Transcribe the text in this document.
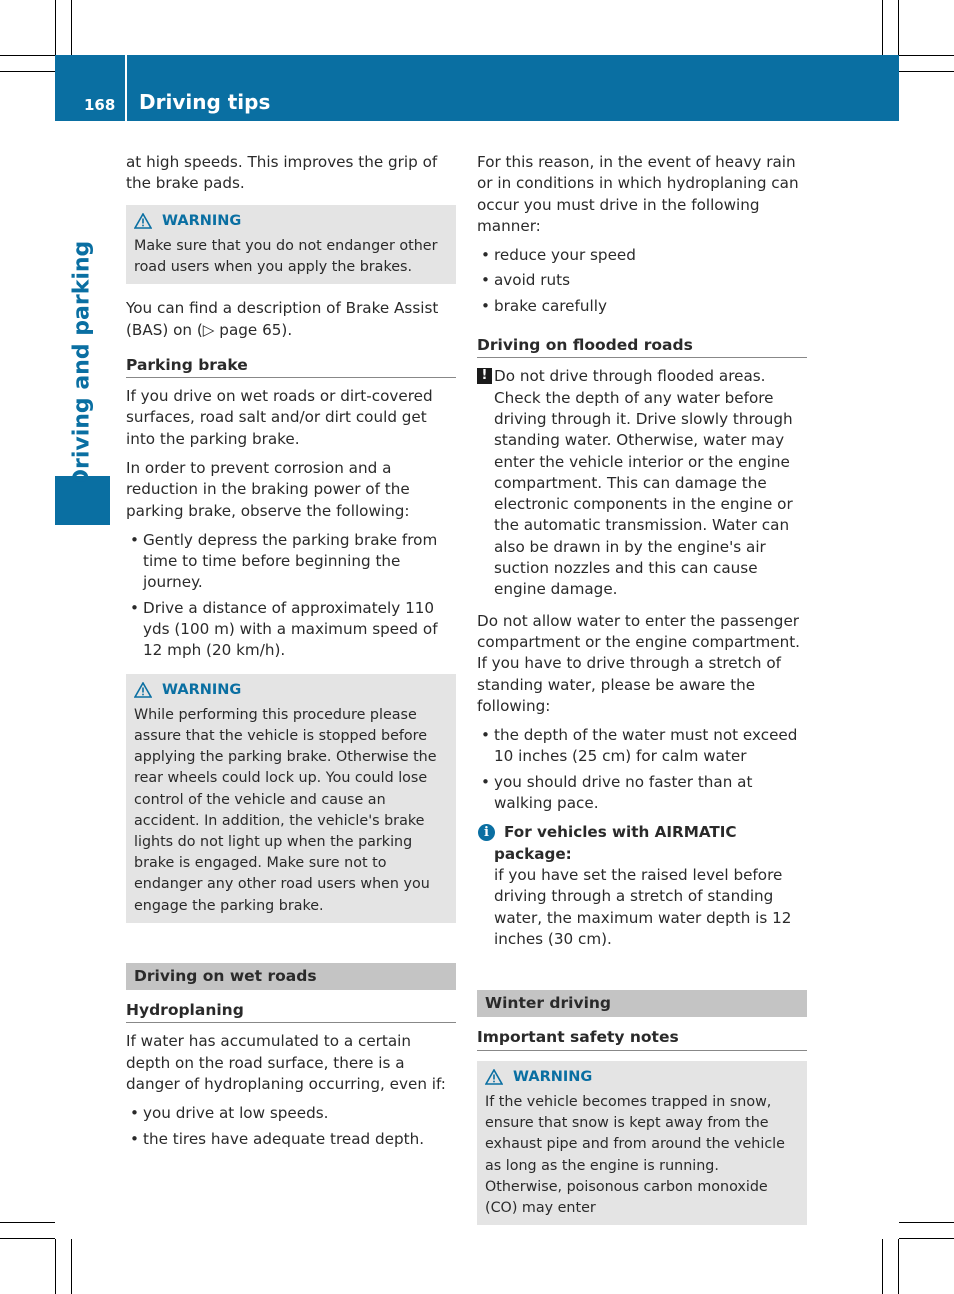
168 Driving tips
Driving and parking

at high speeds. This improves the grip of the brake pads.

WARNING
Make sure that you do not endanger other road users when you apply the brakes.

You can find a description of Brake Assist (BAS) on (▷ page 65).

Parking brake

If you drive on wet roads or dirt-covered surfaces, road salt and/or dirt could get into the parking brake.

In order to prevent corrosion and a reduction in the braking power of the parking brake, observe the following:

• Gently depress the parking brake from time to time before beginning the journey.
• Drive a distance of approximately 110 yds (100 m) with a maximum speed of 12 mph (20 km/h).
WARNING
While performing this procedure please assure that the vehicle is stopped before applying the parking brake. Otherwise the rear wheels could lock up. You could lose control of the vehicle and cause an accident. In addition, the vehicle's brake lights do not light up when the parking brake is engaged. Make sure not to endanger any other road users when you engage the parking brake.
Driving on wet roads
Hydroplaning

If water has accumulated to a certain depth on the road surface, there is a danger of hydroplaning occurring, even if:

• you drive at low speeds.
• the tires have adequate tread depth.

For this reason, in the event of heavy rain or in conditions in which hydroplaning can occur you must drive in the following manner:

• reduce your speed
• avoid ruts
• brake carefully
Driving on flooded roads
! Do not drive through flooded areas. Check the depth of any water before driving through it. Drive slowly through standing water. Otherwise, water may enter the vehicle interior or the engine compartment. This can damage the electronic components in the engine or the automatic transmission. Water can also be drawn in by the engine's air suction nozzles and this can cause engine damage.

Do not allow water to enter the passenger compartment or the engine compartment. If you have to drive through a stretch of standing water, please be aware the following:

• the depth of the water must not exceed 10 inches (25 cm) for calm water
• you should drive no faster than at walking pace.
i For vehicles with AIRMATIC package:
if you have set the raised level before driving through a stretch of standing water, the maximum water depth is 12 inches (30 cm).
Winter driving
Important safety notes
WARNING
If the vehicle becomes trapped in snow, ensure that snow is kept away from the exhaust pipe and from around the vehicle as long as the engine is running. Otherwise, poisonous carbon monoxide (CO) may enter
